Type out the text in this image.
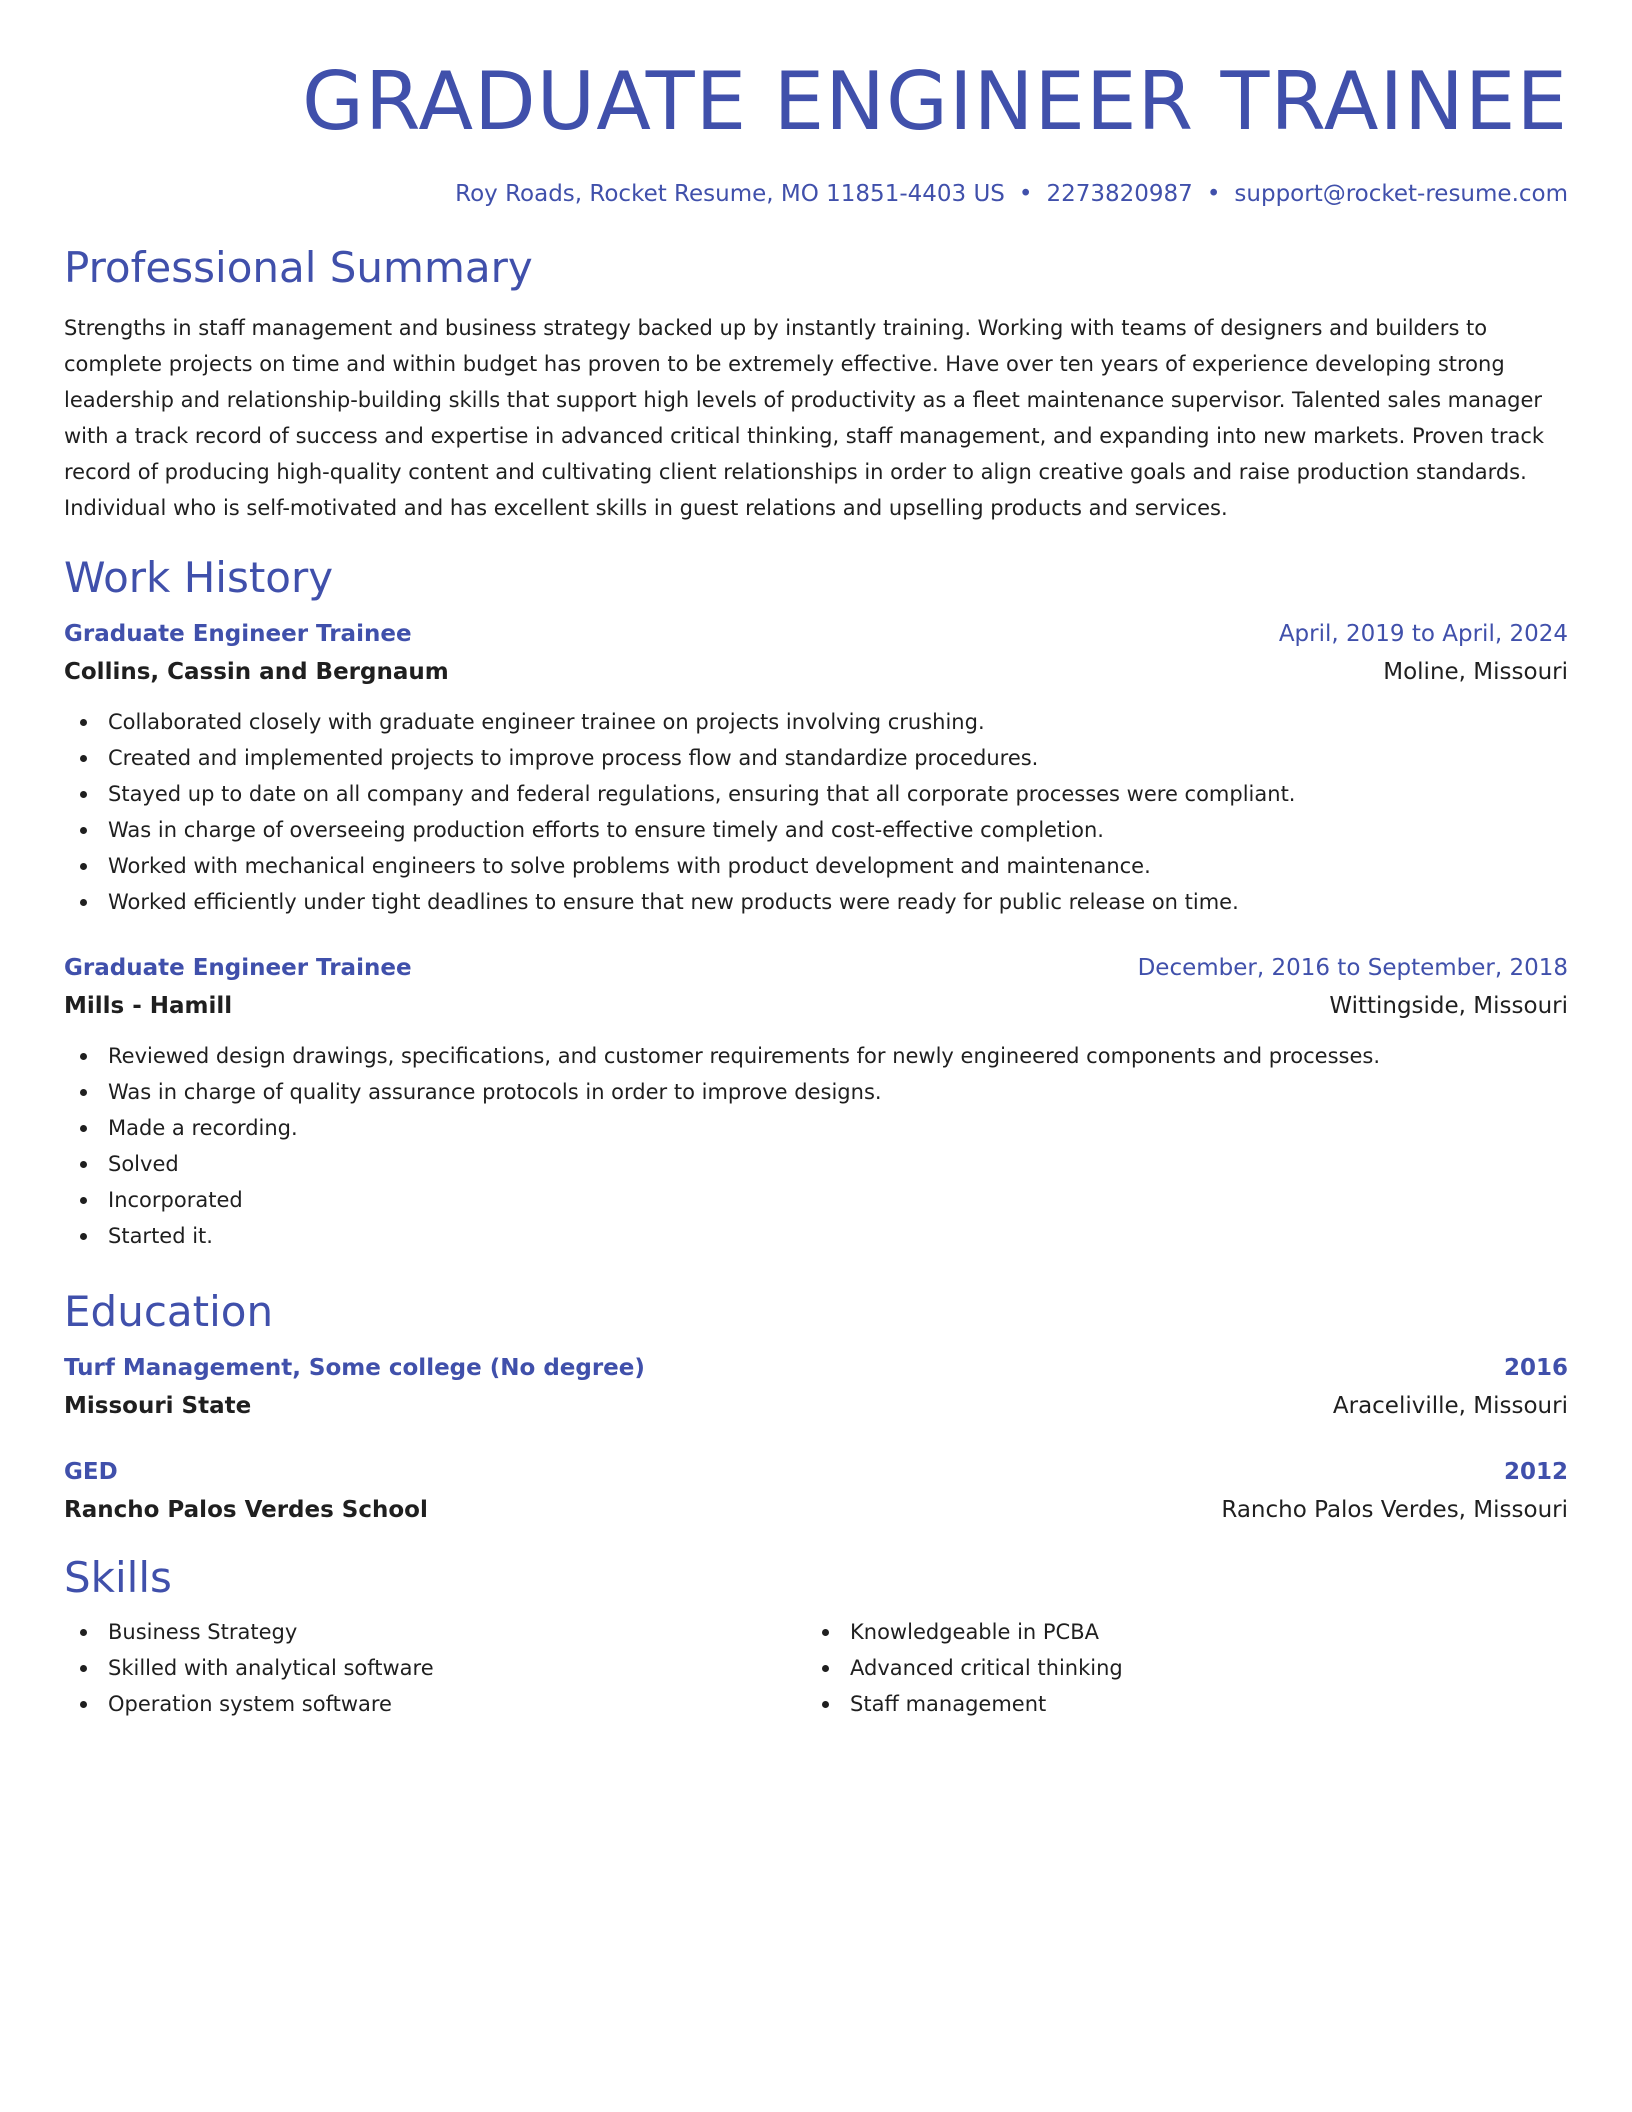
GRADUATE ENGINEER TRAINEE
Roy Roads, Rocket Resume, MO 11851-4403 US • 2273820987 • support@rocket-resume.com
Professional Summary

Strengths in staff management and business strategy backed up by instantly training. Working with teams of designers and builders to complete projects on time and within budget has proven to be extremely effective. Have over ten years of experience developing strong leadership and relationship-building skills that support high levels of productivity as a fleet maintenance supervisor. Talented sales manager with a track record of success and expertise in advanced critical thinking, staff management, and expanding into new markets. Proven track record of producing high-quality content and cultivating client relationships in order to align creative goals and raise production standards. Individual who is self-motivated and has excellent skills in guest relations and upselling products and services.

Work History
Graduate Engineer Trainee	April, 2019 to April, 2024
Collins, Cassin and Bergnaum	Moline, Missouri
Collaborated closely with graduate engineer trainee on projects involving crushing.
Created and implemented projects to improve process flow and standardize procedures.
Stayed up to date on all company and federal regulations, ensuring that all corporate processes were compliant.
Was in charge of overseeing production efforts to ensure timely and cost-effective completion.
Worked with mechanical engineers to solve problems with product development and maintenance.
Worked efficiently under tight deadlines to ensure that new products were ready for public release on time.
Graduate Engineer Trainee	December, 2016 to September, 2018
Mills - Hamill	Wittingside, Missouri
Reviewed design drawings, specifications, and customer requirements for newly engineered components and processes.
Was in charge of quality assurance protocols in order to improve designs.
Made a recording.
Solved
Incorporated
Started it.
Education
Turf Management, Some college (No degree)	2016
Missouri State	Araceliville, Missouri
GED	2012
Rancho Palos Verdes School	Rancho Palos Verdes, Missouri
Skills
Business Strategy
Skilled with analytical software
Operation system software
Knowledgeable in PCBA
Advanced critical thinking
Staff management
